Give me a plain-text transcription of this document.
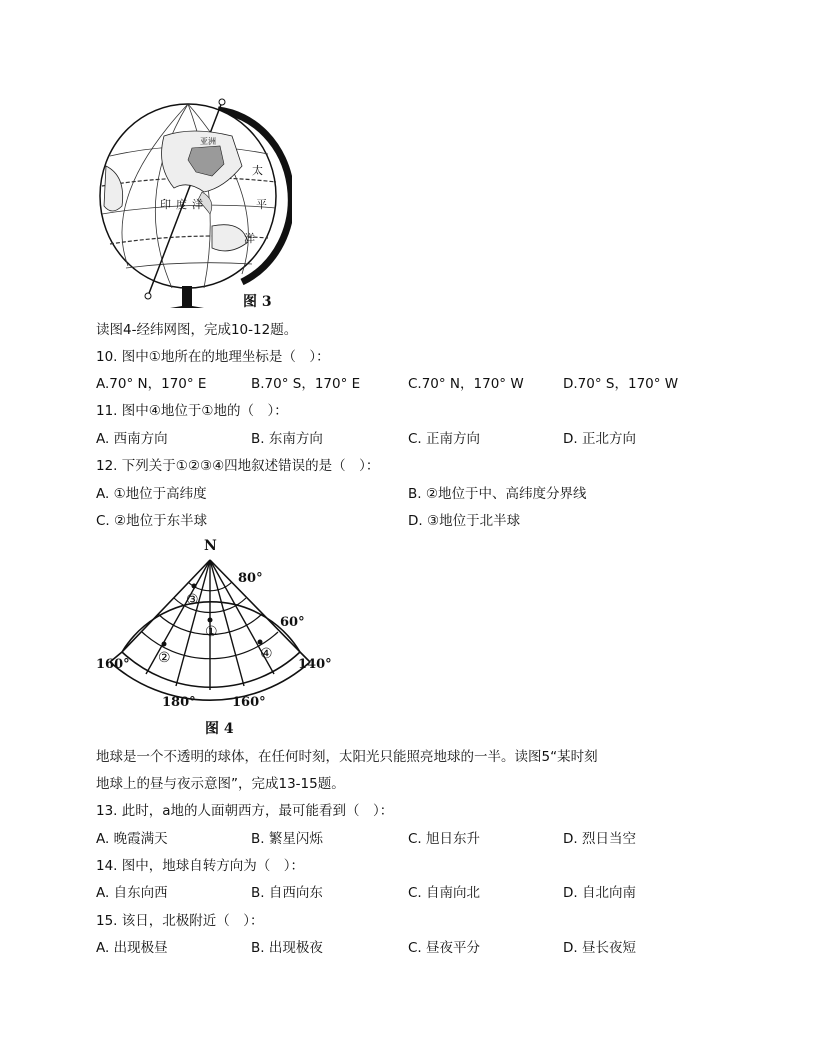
亚洲
太
平
洋
印 度 洋
图 3
读图4-经纬网图，完成10-12题。
10. 图中①地所在的地理坐标是（　）：
A.70° N，170° E	B.70° S，170° E	C.70° N，170° W	D.70° S，170° W
11. 图中④地位于①地的（　）：
A. 西南方向	B. 东南方向	C. 正南方向	D. 正北方向
12. 下列关于①②③④四地叙述错误的是（　）：
A. ①地位于高纬度	B. ②地位于中、高纬度分界线
C. ②地位于东半球	D. ③地位于北半球
N
80°
60°
160°	140°
180°	160°
①
②
③
④
图 4
地球是一个不透明的球体，在任何时刻，太阳光只能照亮地球的一半。读图5“某时刻
地球上的昼与夜示意图”，完成13-15题。
13. 此时，a地的人面朝西方，最可能看到（　）：
A. 晚霞满天	B. 繁星闪烁	C. 旭日东升	D. 烈日当空
14. 图中，地球自转方向为（　）：
A. 自东向西	B. 自西向东	C. 自南向北	D. 自北向南
15. 该日，北极附近（　）：
A. 出现极昼	B. 出现极夜	C. 昼夜平分	D. 昼长夜短
